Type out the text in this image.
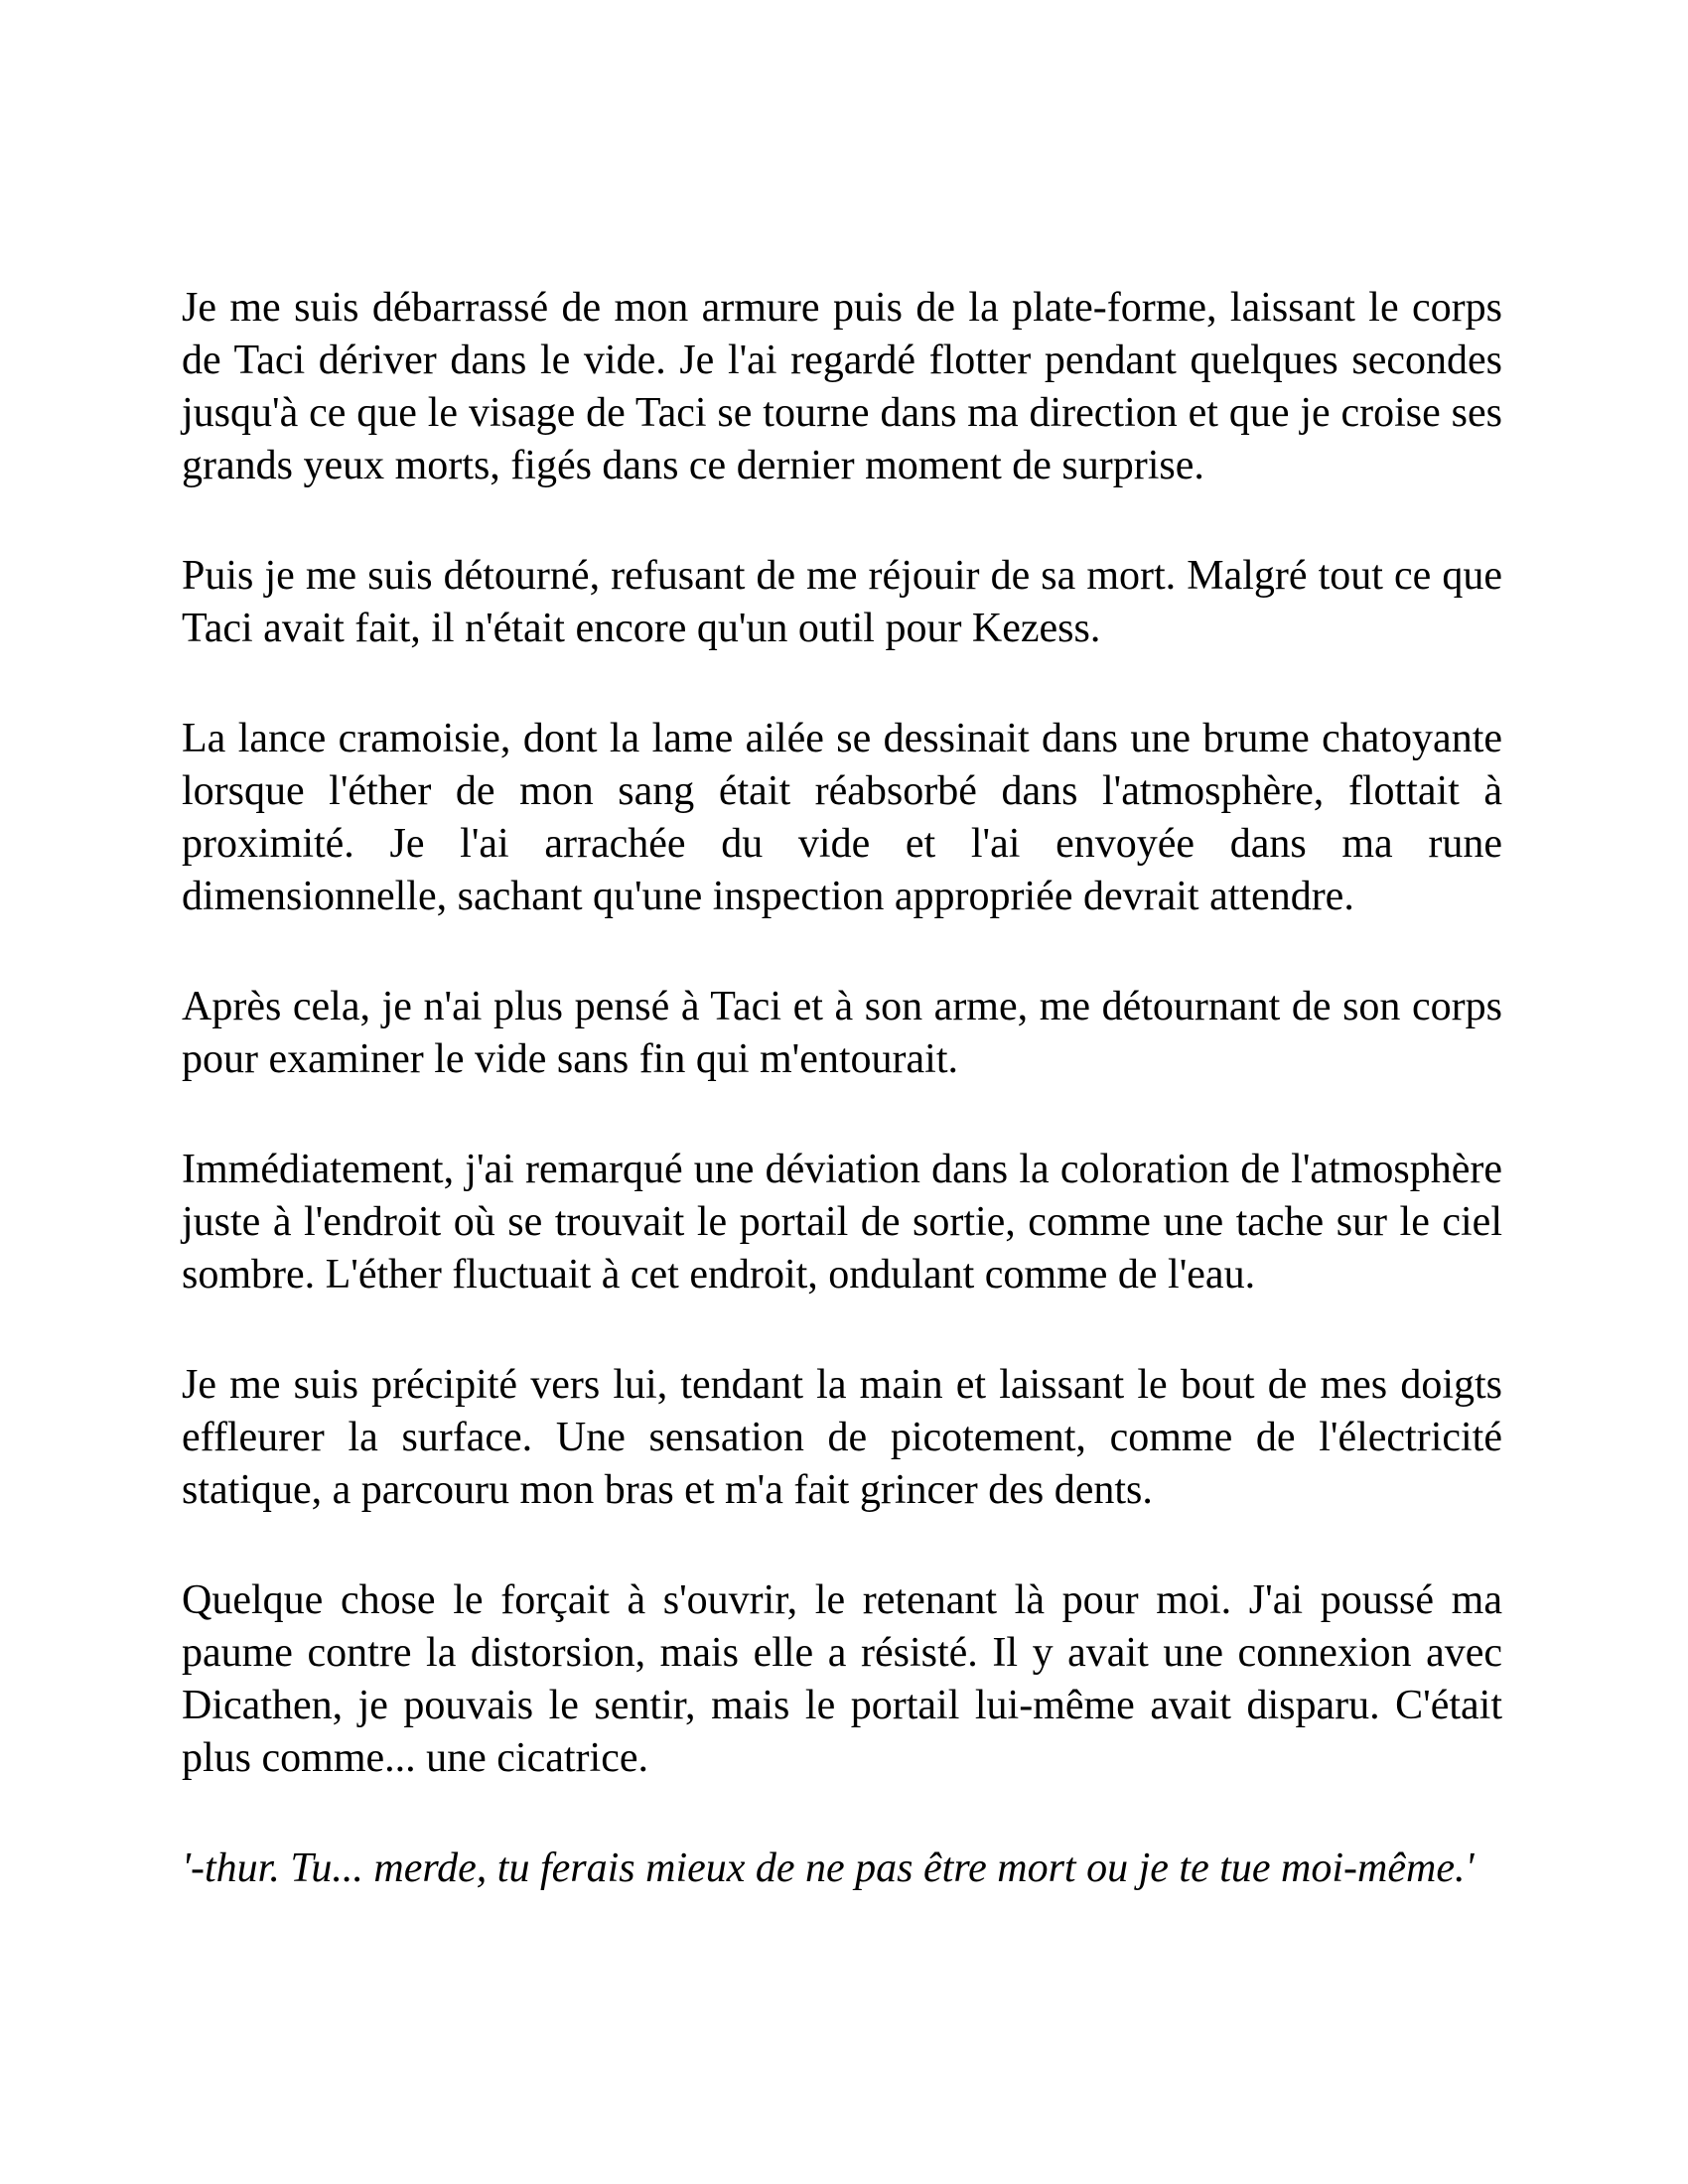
Je me suis débarrassé de mon armure puis de la plate-forme, laissant le corps de Taci dériver dans le vide. Je l'ai regardé flotter pendant quelques secondes jusqu'à ce que le visage de Taci se tourne dans ma direction et que je croise ses grands yeux morts, figés dans ce dernier moment de surprise.

Puis je me suis détourné, refusant de me réjouir de sa mort. Malgré tout ce que Taci avait fait, il n'était encore qu'un outil pour Kezess.

La lance cramoisie, dont la lame ailée se dessinait dans une brume chatoyante lorsque l'éther de mon sang était réabsorbé dans l'atmosphère, flottait à proximité. Je l'ai arrachée du vide et l'ai envoyée dans ma rune dimensionnelle, sachant qu'une inspection appropriée devrait attendre.

Après cela, je n'ai plus pensé à Taci et à son arme, me détournant de son corps pour examiner le vide sans fin qui m'entourait.

Immédiatement, j'ai remarqué une déviation dans la coloration de l'atmosphère juste à l'endroit où se trouvait le portail de sortie, comme une tache sur le ciel sombre. L'éther fluctuait à cet endroit, ondulant comme de l'eau.

Je me suis précipité vers lui, tendant la main et laissant le bout de mes doigts effleurer la surface. Une sensation de picotement, comme de l'électricité statique, a parcouru mon bras et m'a fait grincer des dents.

Quelque chose le forçait à s'ouvrir, le retenant là pour moi. J'ai poussé ma paume contre la distorsion, mais elle a résisté. Il y avait une connexion avec Dicathen, je pouvais le sentir, mais le portail lui-même avait disparu. C'était plus comme... une cicatrice.

'-thur. Tu... merde, tu ferais mieux de ne pas être mort ou je te tue moi-même.'
